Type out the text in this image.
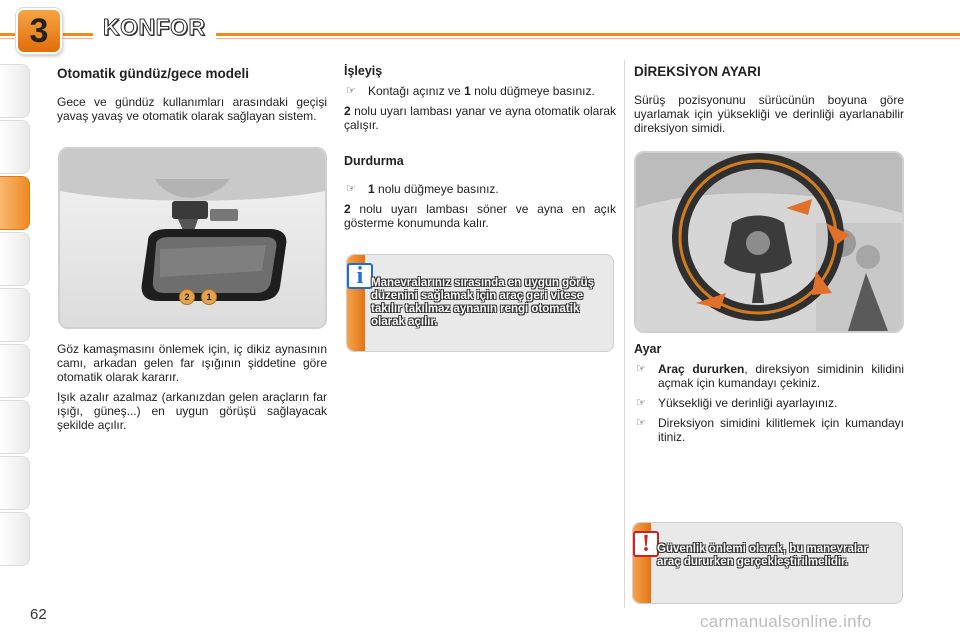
3	KONFOR
Otomatik gündüz/gece modeli

Gece ve gündüz kullanımları arasındaki geçişi yavaş yavaş ve otomatik olarak sağlayan sistem.

2	1

Göz kamaşmasını önlemek için, iç dikiz aynasının camı, arkadan gelen far ışığının şiddetine göre otomatik olarak kararır.

Işık azalır azalmaz (arkanızdan gelen araçların far ışığı, güneş...) en uygun görüşü sağlayacak şekilde açılır.

İşleyiş

☞ Kontağı açınız ve 1 nolu düğmeye basınız.

2 nolu uyarı lambası yanar ve ayna otomatik olarak çalışır.

Durdurma

☞ 1 nolu düğmeye basınız.

2 nolu uyarı lambası söner ve ayna en açık gösterme konumunda kalır.

i Manevralarınız sırasında en uygun görüş düzenini sağlamak için araç geri vitese takılır takılmaz aynanın rengi otomatik olarak açılır.
DİREKSİYON AYARI

Sürüş pozisyonunu sürücünün boyuna göre uyarlamak için yüksekliği ve derinliği ayarlanabilir direksiyon simidi.

Ayar

☞ Araç dururken, direksiyon simidinin kilidini açmak için kumandayı çekiniz.

☞ Yüksekliği ve derinliği ayarlayınız.

☞ Direksiyon simidini kilitlemek için kumandayı itiniz.

! Güvenlik önlemi olarak, bu manevralar araç dururken gerçekleştirilmelidir.
62	carmanualsonline.info
